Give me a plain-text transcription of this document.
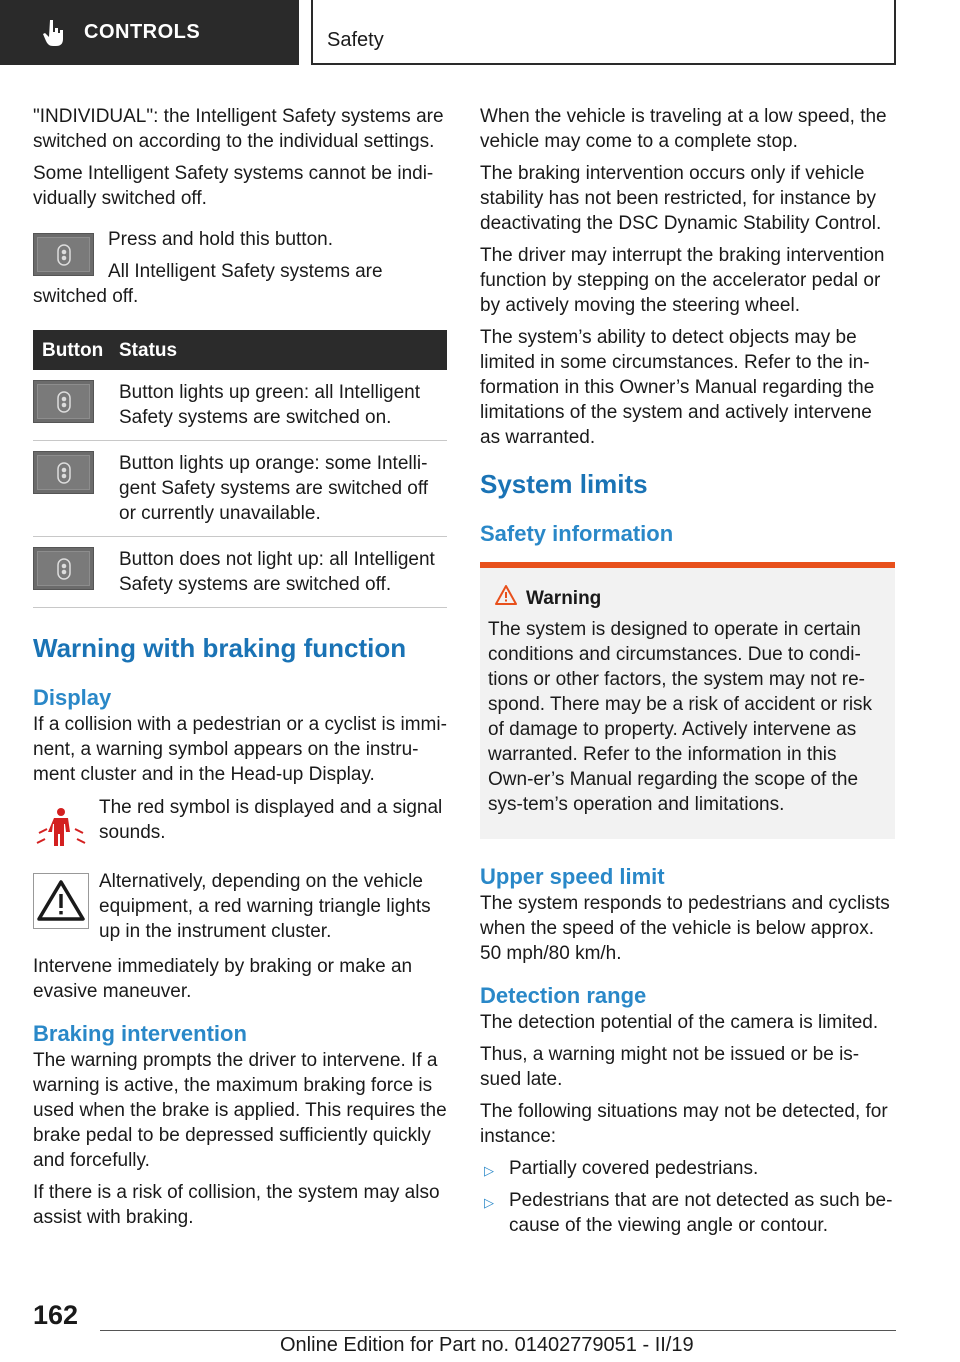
CONTROLS	Safety

"INDIVIDUAL": the Intelligent Safety systems are switched on according to the individual settings.

Some Intelligent Safety systems cannot be indi-vidually switched off.

Press and hold this button.

All Intelligent Safety systems are switched off.

Button	Status

	Button lights up green: all Intelligent Safety systems are switched on.

	Button lights up orange: some Intelli-gent Safety systems are switched off or currently unavailable.

	Button does not light up: all Intelligent Safety systems are switched off.
Warning with braking function
Display

If a collision with a pedestrian or a cyclist is immi-nent, a warning symbol appears on the instru-ment cluster and in the Head-up Display.

The red symbol is displayed and a signal sounds.

Alternatively, depending on the vehicle equipment, a red warning triangle lights up in the instrument cluster.

Intervene immediately by braking or make an evasive maneuver.

Braking intervention

The warning prompts the driver to intervene. If a warning is active, the maximum braking force is used when the brake is applied. This requires the brake pedal to be depressed sufficiently quickly and forcefully.

If there is a risk of collision, the system may also assist with braking.

When the vehicle is traveling at a low speed, the vehicle may come to a complete stop.

The braking intervention occurs only if vehicle stability has not been restricted, for instance by deactivating the DSC Dynamic Stability Control.

The driver may interrupt the braking intervention function by stepping on the accelerator pedal or by actively moving the steering wheel.

The system’s ability to detect objects may be limited in some circumstances. Refer to the in-formation in this Owner’s Manual regarding the limitations of the system and actively intervene as warranted.

System limits
Safety information
Warning

The system is designed to operate in certain conditions and circumstances. Due to condi-tions or other factors, the system may not re-spond. There may be a risk of accident or risk of damage to property. Actively intervene as warranted. Refer to the information in this Own-er’s Manual regarding the scope of the sys-tem’s operation and limitations.

Upper speed limit

The system responds to pedestrians and cyclists when the speed of the vehicle is below approx. 50 mph/80 km/h.

Detection range

The detection potential of the camera is limited.

Thus, a warning might not be issued or be is-sued late.

The following situations may not be detected, for instance:

▷ Partially covered pedestrians.
▷ Pedestrians that are not detected as such be-cause of the viewing angle or contour.
162
Online Edition for Part no. 01402779051 - II/19
